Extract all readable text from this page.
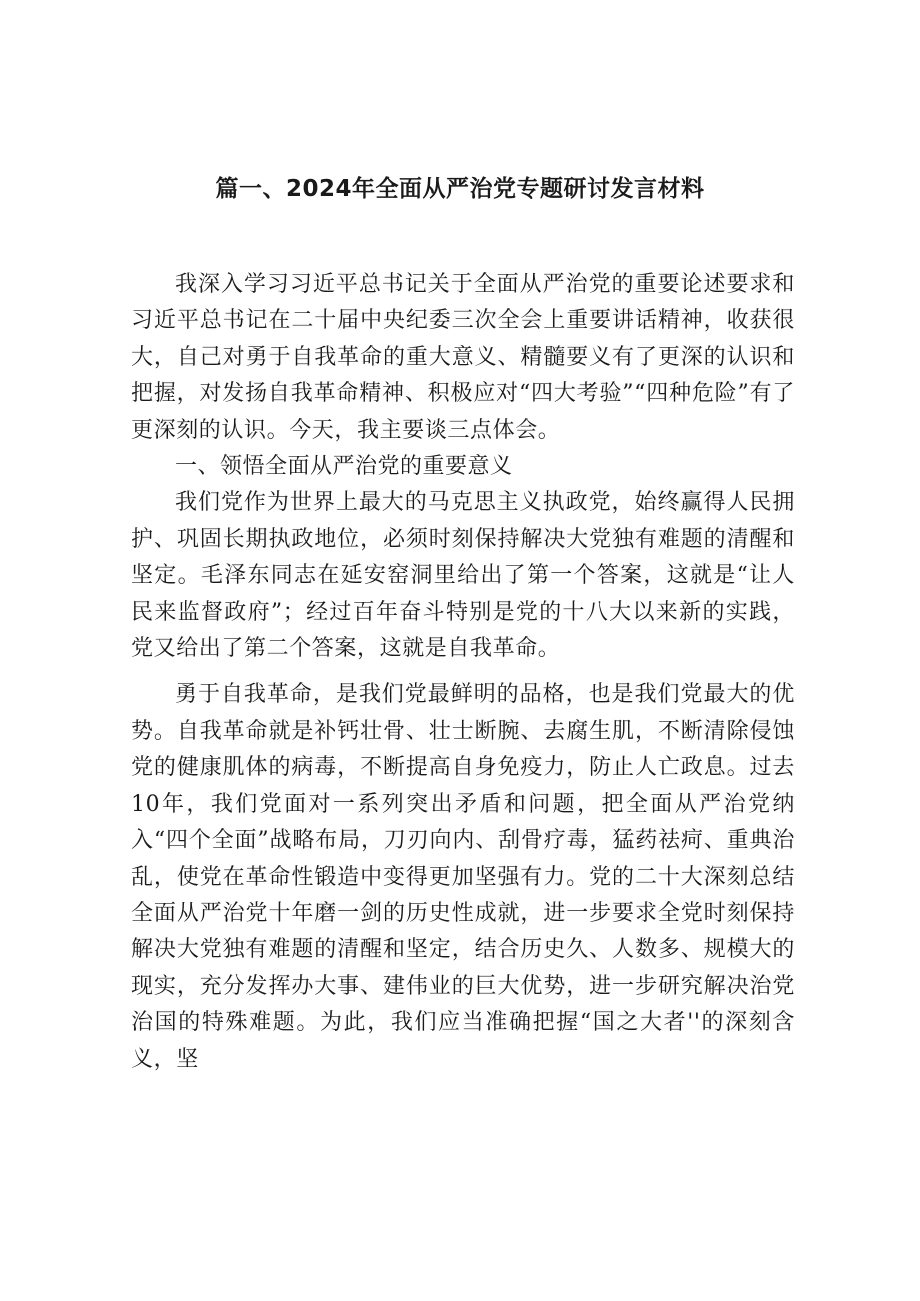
篇一、2024年全面从严治党专题研讨发言材料

我深入学习习近平总书记关于全面从严治党的重要论述要求和习近平总书记在二十届中央纪委三次全会上重要讲话精神，收获很大，自己对勇于自我革命的重大意义、精髓要义有了更深的认识和把握，对发扬自我革命精神、积极应对“四大考验”“四种危险”有了更深刻的认识。今天，我主要谈三点体会。

一、领悟全面从严治党的重要意义

我们党作为世界上最大的马克思主义执政党，始终赢得人民拥护、巩固长期执政地位，必须时刻保持解决大党独有难题的清醒和坚定。毛泽东同志在延安窑洞里给出了第一个答案，这就是“让人民来监督政府”；经过百年奋斗特别是党的十八大以来新的实践，党又给出了第二个答案，这就是自我革命。

勇于自我革命，是我们党最鲜明的品格，也是我们党最大的优势。自我革命就是补钙壮骨、壮士断腕、去腐生肌，不断清除侵蚀党的健康肌体的病毒，不断提高自身免疫力，防止人亡政息。过去10年，我们党面对一系列突出矛盾和问题，把全面从严治党纳入“四个全面”战略布局，刀刃向内、刮骨疗毒，猛药祛疴、重典治乱，使党在革命性锻造中变得更加坚强有力。党的二十大深刻总结全面从严治党十年磨一剑的历史性成就，进一步要求全党时刻保持解决大党独有难题的清醒和坚定，结合历史久、人数多、规模大的现实，充分发挥办大事、建伟业的巨大优势，进一步研究解决治党治国的特殊难题。为此，我们应当准确把握“国之大者''的深刻含义，坚
